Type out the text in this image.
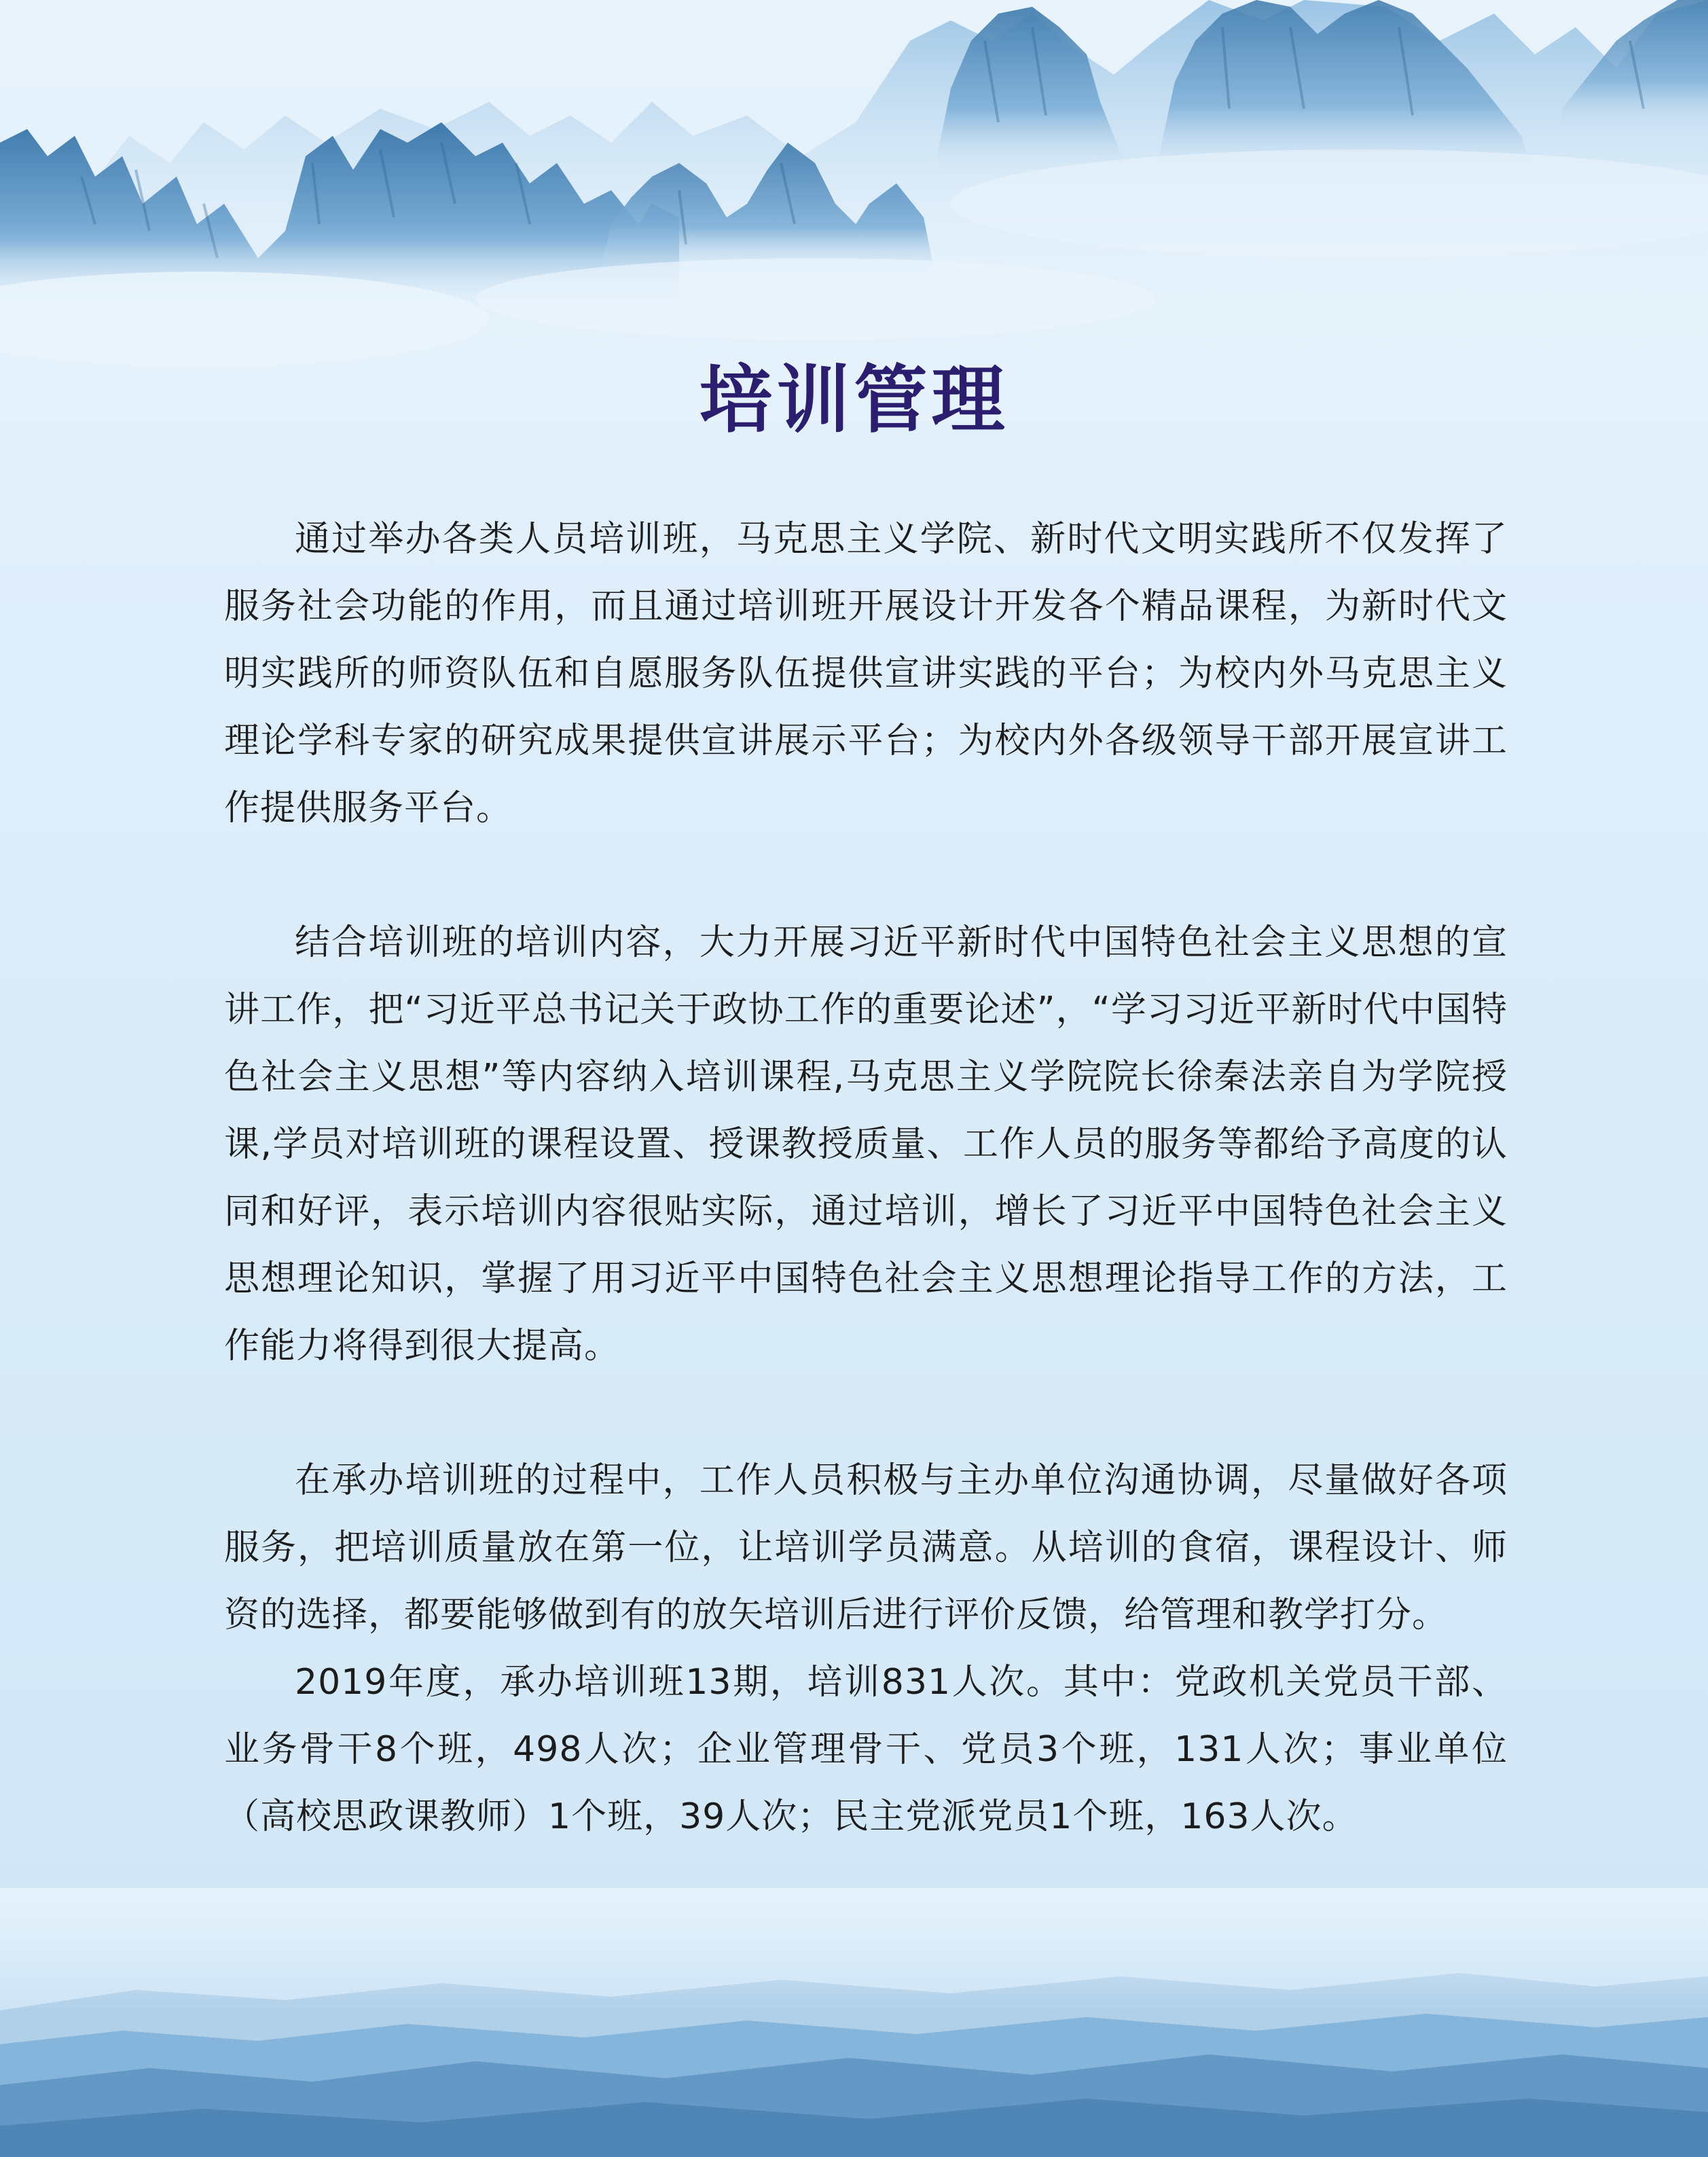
培训管理

通过举办各类人员培训班，马克思主义学院、新时代文明实践所不仅发挥了服务社会功能的作用，而且通过培训班开展设计开发各个精品课程，为新时代文明实践所的师资队伍和自愿服务队伍提供宣讲实践的平台；为校内外马克思主义理论学科专家的研究成果提供宣讲展示平台；为校内外各级领导干部开展宣讲工作提供服务平台。

结合培训班的培训内容，大力开展习近平新时代中国特色社会主义思想的宣讲工作，把“习近平总书记关于政协工作的重要论述”，“学习习近平新时代中国特色社会主义思想”等内容纳入培训课程,马克思主义学院院长徐秦法亲自为学院授课,学员对培训班的课程设置、授课教授质量、工作人员的服务等都给予高度的认同和好评，表示培训内容很贴实际，通过培训，增长了习近平中国特色社会主义思想理论知识，掌握了用习近平中国特色社会主义思想理论指导工作的方法，工作能力将得到很大提高。

在承办培训班的过程中，工作人员积极与主办单位沟通协调，尽量做好各项服务，把培训质量放在第一位，让培训学员满意。从培训的食宿，课程设计、师资的选择，都要能够做到有的放矢培训后进行评价反馈，给管理和教学打分。

2019年度，承办培训班13期，培训831人次。其中：党政机关党员干部、业务骨干8个班，498人次；企业管理骨干、党员3个班，131人次；事业单位（高校思政课教师）1个班，39人次；民主党派党员1个班，163人次。
